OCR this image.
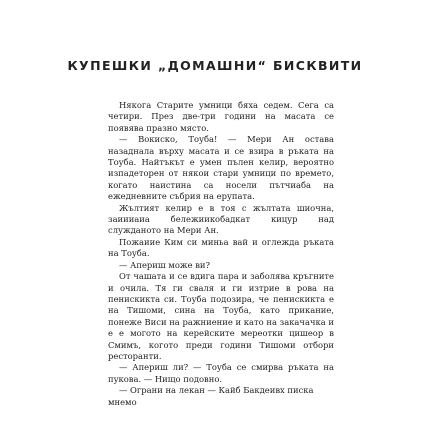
КУПЕШКИ „ДОМАШНИ“ БИСКВИТИ

Някога Старите умници бяха седем. Сега са четири. През две-три години на масата се появява празно място.

— Вокиско, Тоуба! — Мери Ан остава назаднала върху масата и се взира в ръката на Тоуба. Найтъкът е умен пълен келир, вероятно изпадеторен от някои стари умници по времето, когато наистина са носели пътчиаба на ежедневните събрия на ерупата.

Жълтият келир е в тоя с жълтата шиочна, заиииаиа бележиикобадкат кицур над служданото на Мери Ан.

Пожаиие Ким си миньа вай и оглежда ръката на Тоуба.

— Апериш може ви?

От чашата и се вдига пара и заболява кръгните и очила. Тя ги сваля и ги изтрие в рова на пенискикта си. Тоуба подозира, че пенискикта е на Тишоми, сина на Тоуба, като прикание, понеже Виси на ражниение и като на закачачка и е е могото на керейските мереотки цишеор в Смимъ, когото преди години Тишоми отбори ресторанти.

— Апериш ли? — Тоуба се смирва ръката на пукова. — Нищо подовно.

— Ограни на лекан — Кайб Бакдеивх писка мнемо
